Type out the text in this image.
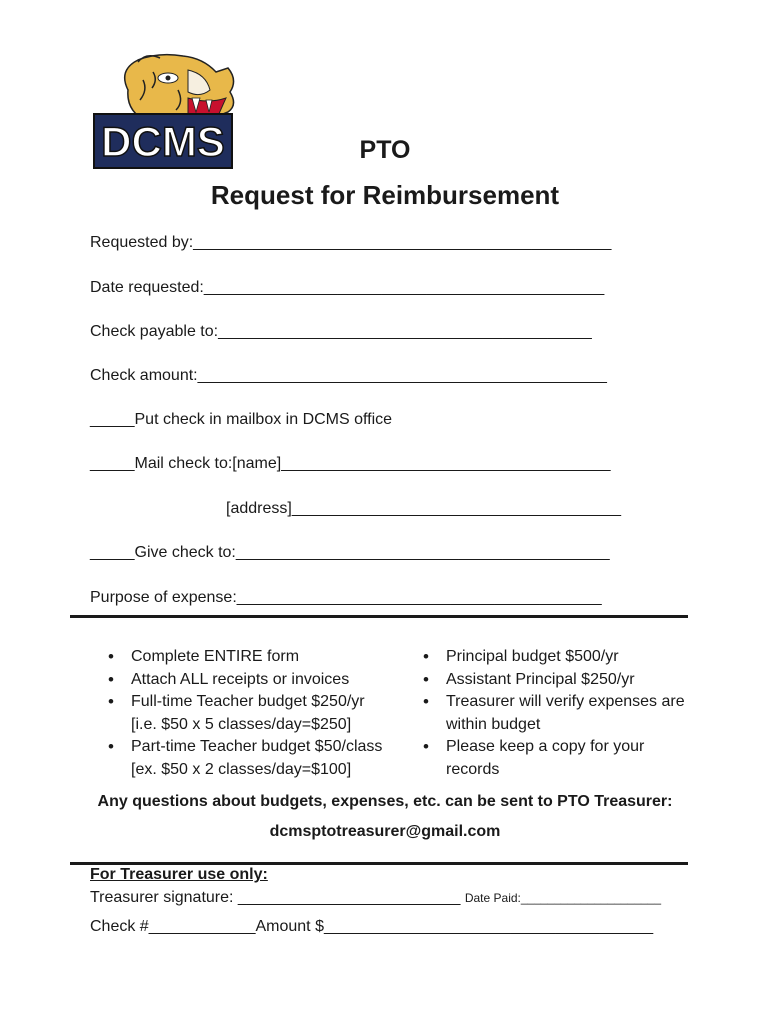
DCMS	PTO
Request for Reimbursement
Requested by:_______________________________________________
Date requested:_____________________________________________
Check payable to:__________________________________________
Check amount:______________________________________________
_____Put check in mailbox in DCMS office
_____Mail check to:[name]_____________________________________
[address]_____________________________________
_____Give check to:__________________________________________
Purpose of expense:_________________________________________
• Complete ENTIRE form
• Attach ALL receipts or invoices
• Full-time Teacher budget $250/yr
[i.e. $50 x 5 classes/day=$250]
• Part-time Teacher budget $50/class
[ex. $50 x 2 classes/day=$100]
• Principal budget $500/yr
• Assistant Principal $250/yr
• Treasurer will verify expenses are
within budget
• Please keep a copy for your
records
Any questions about budgets, expenses, etc. can be sent to PTO Treasurer:
dcmsptotreasurer@gmail.com
For Treasurer use only:
Treasurer signature: _________________________ Date Paid:_____________________
Check #____________Amount $_____________________________________
